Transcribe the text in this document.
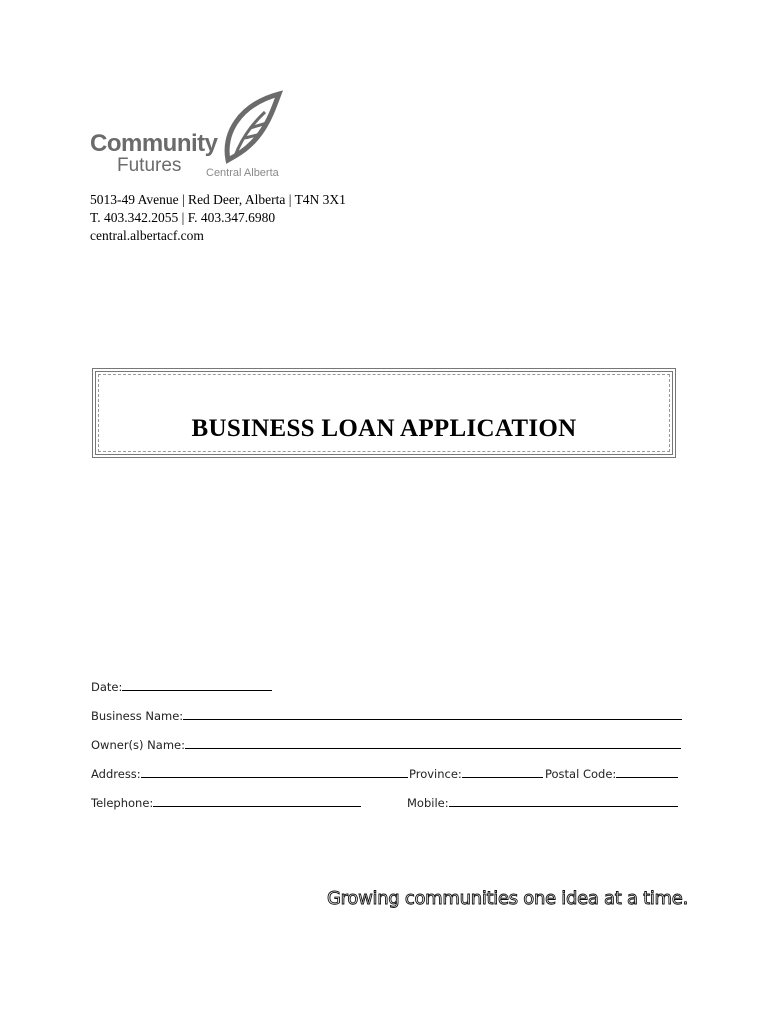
Community
Futures Central Alberta
5013-49 Avenue | Red Deer, Alberta | T4N 3X1
T. 403.342.2055 | F. 403.347.6980
central.albertacf.com
BUSINESS LOAN APPLICATION
Date:
Business Name:
Owner(s) Name:
Address:	Province:	Postal Code:
Telephone:	Mobile:
Growing communities one idea at a time.
